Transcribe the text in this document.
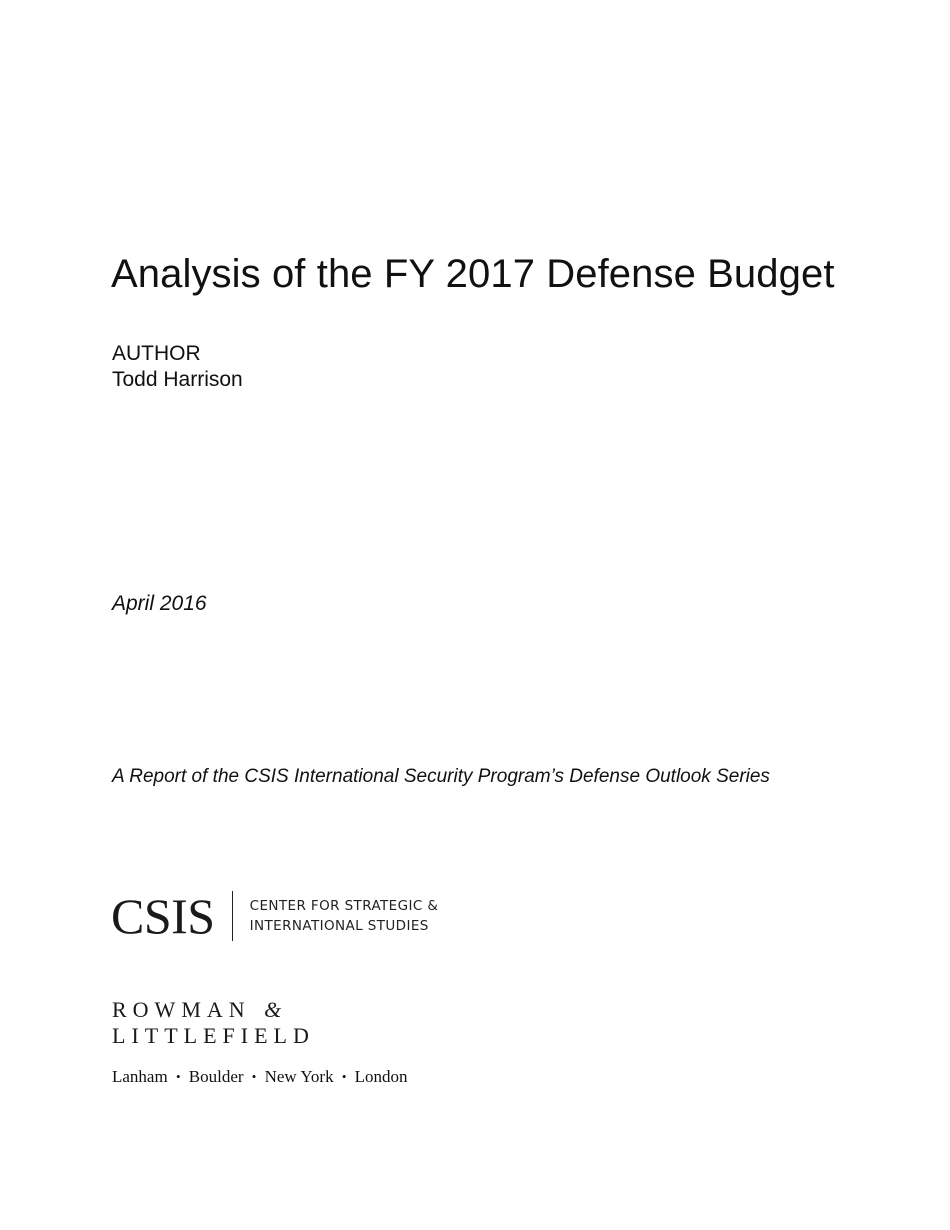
Analysis of the FY 2017 Defense Budget
AUTHOR
Todd Harrison
April 2016
A Report of the CSIS International Security Program’s Defense Outlook Series
CSIS	CENTER FOR STRATEGIC &
INTERNATIONAL STUDIES
ROWMAN &
LITTLEFIELD
Lanham • Boulder • New York • London
